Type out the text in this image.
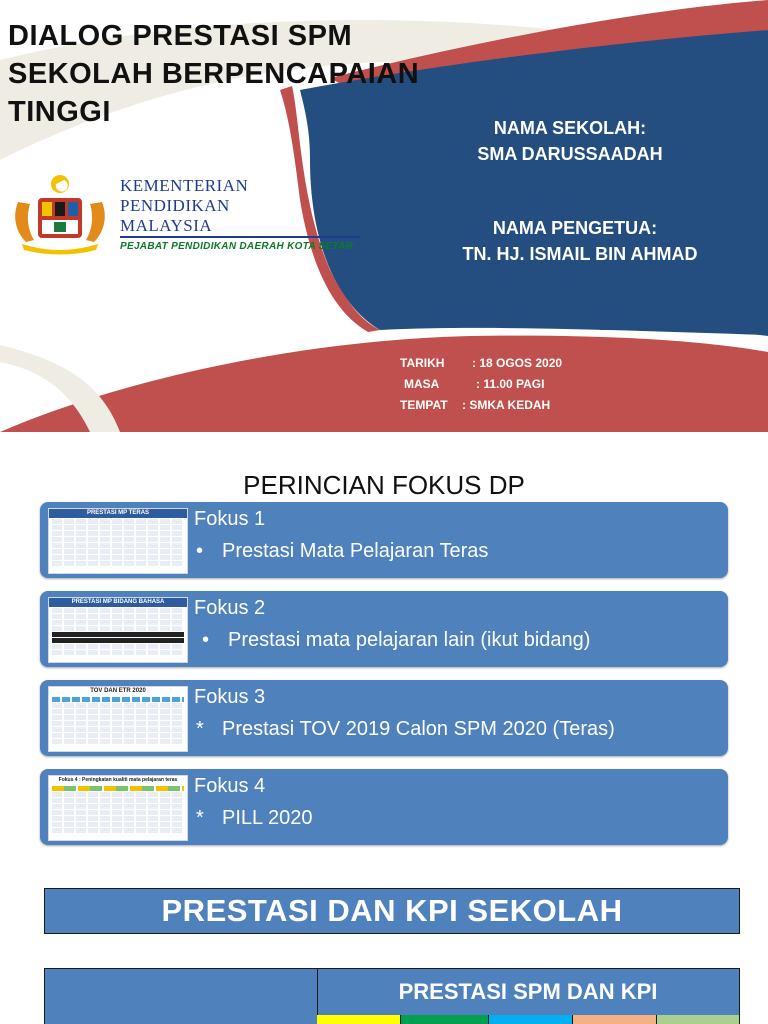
DIALOG PRESTASI SPM
SEKOLAH BERPENCAPAIAN
TINGGI	NAMA SEKOLAH:
SMA DARUSSAADAH
NAMA PENGETUA:
TN. HJ. ISMAIL BIN AHMAD
KEMENTERIAN
PENDIDIKAN
MALAYSIA
PEJABAT PENDIDIKAN DAERAH KOTA SETAR
TARIKH : 18 OGOS 2020
MASA	: 11.00 PAGI
TEMPAT : SMKA KEDAH
PERINCIAN FOKUS DP
PRESTASI MP TERAS	Fokus 1
• Prestasi Mata Pelajaran Teras
PRESTASI MP BIDANG BAHASA	Fokus 2
• Prestasi mata pelajaran lain (ikut bidang)
TOV DAN ETR 2020	Fokus 3
* Prestasi TOV 2019 Calon SPM 2020 (Teras)
Fokus 4 : Peningkatan kualiti mata pelajaran teras Fokus 4
* PILL 2020
PRESTASI DAN KPI SEKOLAH
PRESTASI SPM DAN KPI
